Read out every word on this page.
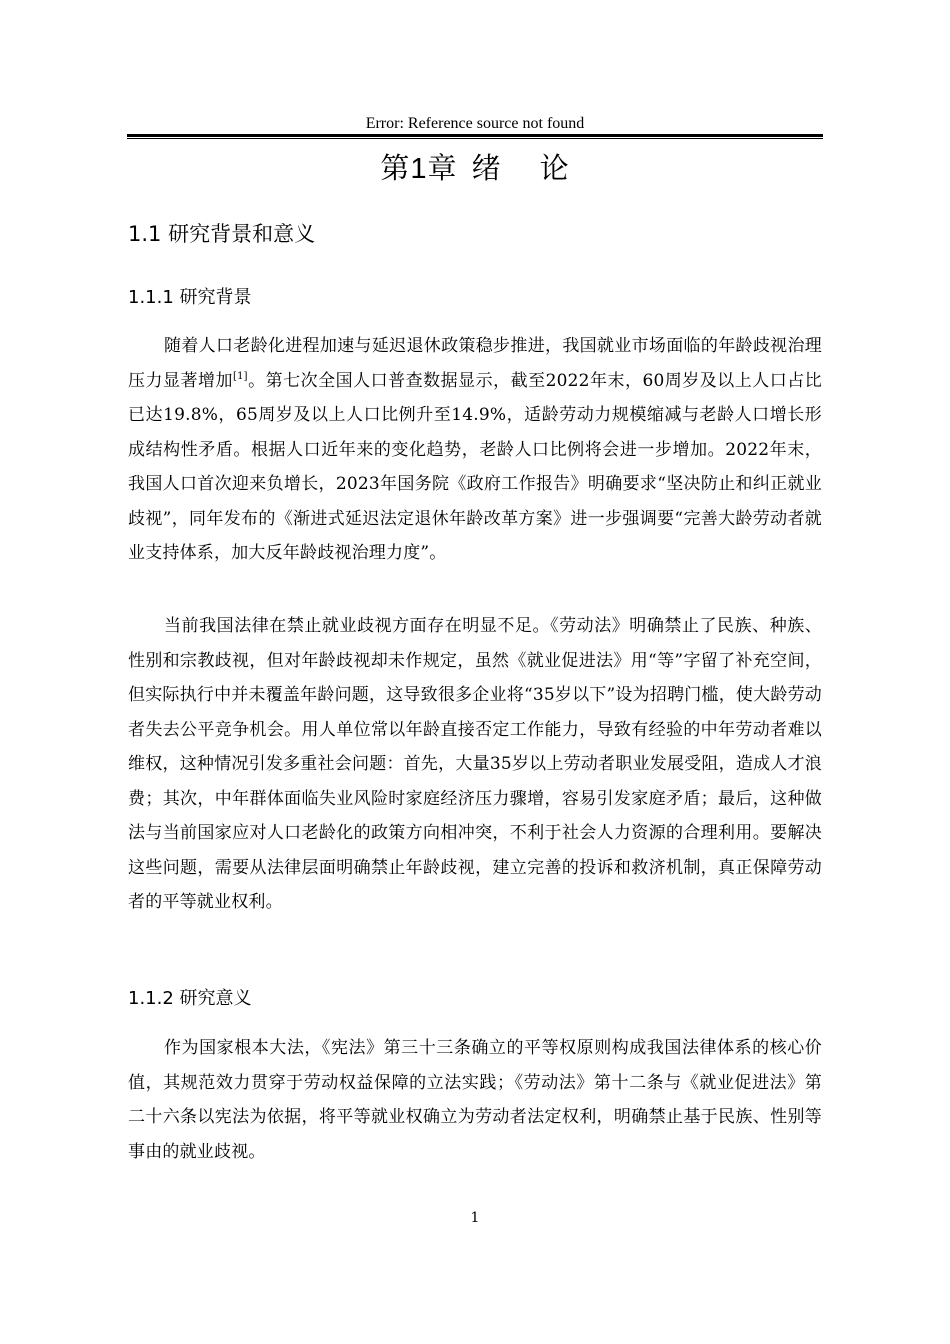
Error: Reference source not found
第1章 绪 论
1.1 研究背景和意义
1.1.1 研究背景

随着人口老龄化进程加速与延迟退休政策稳步推进，我国就业市场面临的年龄歧视治理压力显著增加[1]。第七次全国人口普查数据显示，截至2022年末，60周岁及以上人口占比已达19.8%，65周岁及以上人口比例升至14.9%，适龄劳动力规模缩减与老龄人口增长形成结构性矛盾。根据人口近年来的变化趋势，老龄人口比例将会进一步增加。2022年末，我国人口首次迎来负增长，2023年国务院《政府工作报告》明确要求“坚决防止和纠正就业歧视”，同年发布的《渐进式延迟法定退休年龄改革方案》进一步强调要“完善大龄劳动者就业支持体系，加大反年龄歧视治理力度”。

当前我国法律在禁止就业歧视方面存在明显不足。《劳动法》明确禁止了民族、种族、性别和宗教歧视，但对年龄歧视却未作规定，虽然《就业促进法》用“等”字留了补充空间，但实际执行中并未覆盖年龄问题，这导致很多企业将“35岁以下”设为招聘门槛，使大龄劳动者失去公平竞争机会。用人单位常以年龄直接否定工作能力，导致有经验的中年劳动者难以维权，这种情况引发多重社会问题：首先，大量35岁以上劳动者职业发展受阻，造成人才浪费；其次，中年群体面临失业风险时家庭经济压力骤增，容易引发家庭矛盾；最后，这种做法与当前国家应对人口老龄化的政策方向相冲突，不利于社会人力资源的合理利用。要解决这些问题，需要从法律层面明确禁止年龄歧视，建立完善的投诉和救济机制，真正保障劳动者的平等就业权利。

1.1.2 研究意义

作为国家根本大法，《宪法》第三十三条确立的平等权原则构成我国法律体系的核心价值，其规范效力贯穿于劳动权益保障的立法实践；《劳动法》第十二条与《就业促进法》第二十六条以宪法为依据，将平等就业权确立为劳动者法定权利，明确禁止基于民族、性别等事由的就业歧视。

1
